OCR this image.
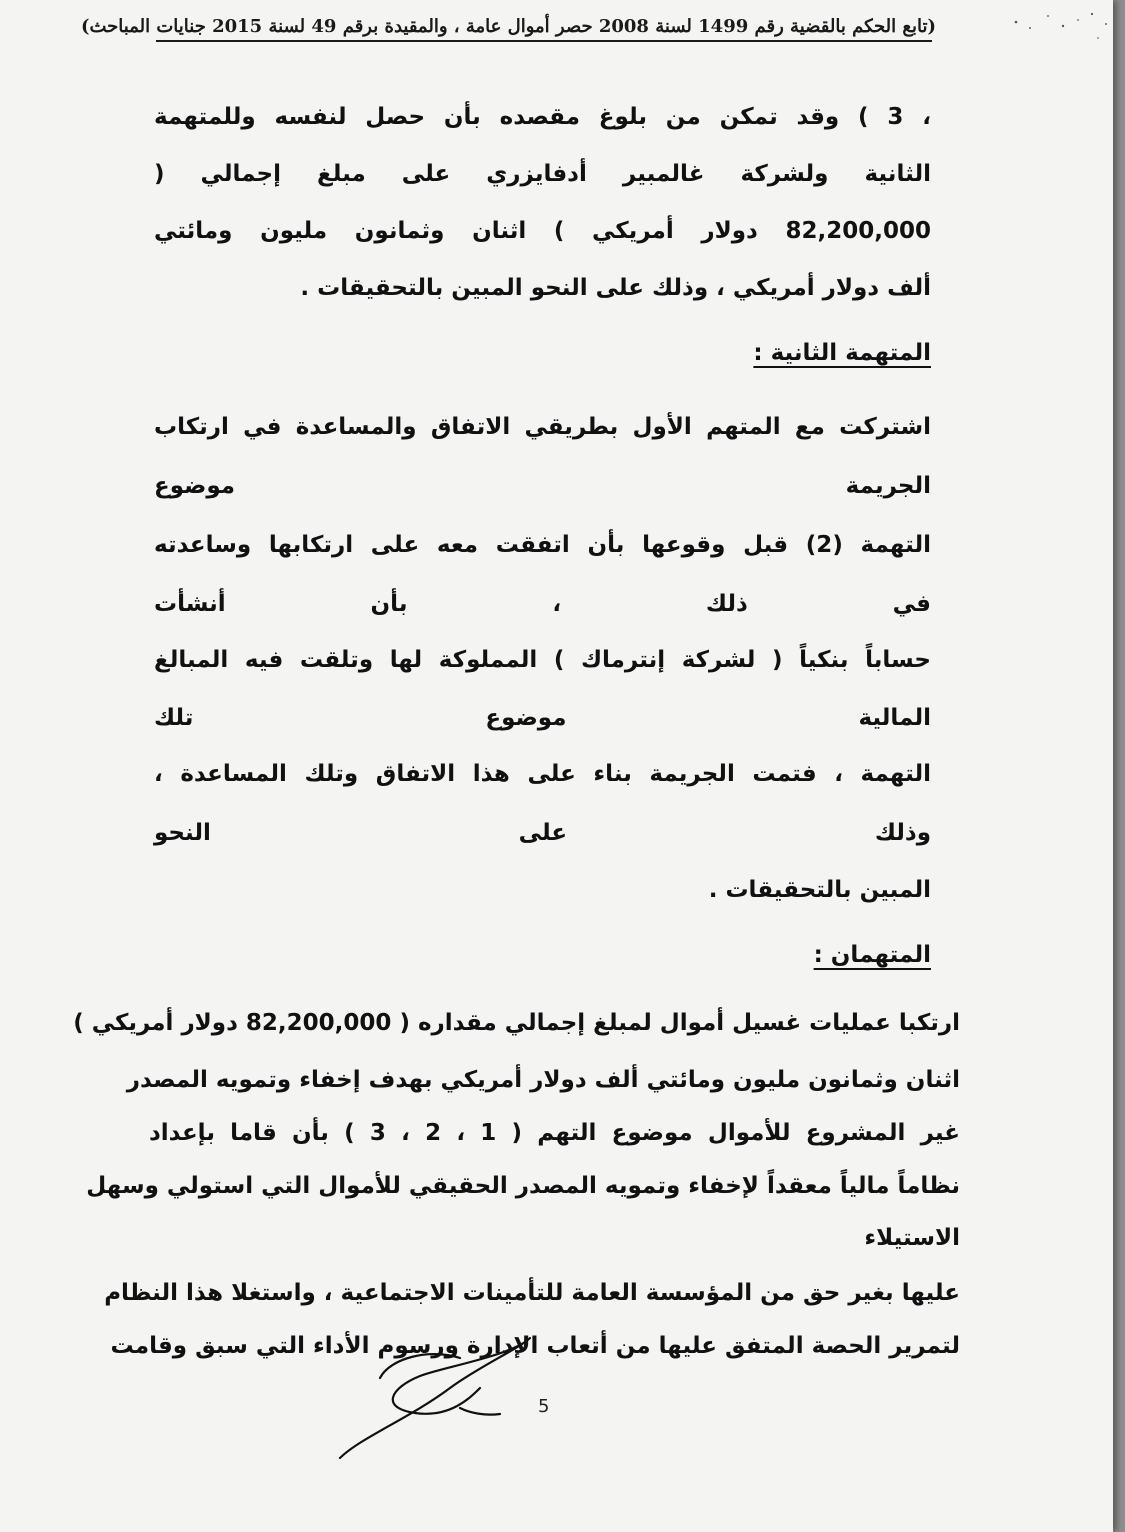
(تابع الحكم بالقضية رقم 1499 لسنة 2008 حصر أموال عامة ، والمقيدة برقم 49 لسنة 2015 جنايات المباحث)
، 3 ) وقد تمكن من بلوغ مقصده بأن حصل لنفسه وللمتهمة
الثانية ولشركة غالمبير أدفايزري على مبلغ إجمالي (
82,200,000 دولار أمريكي ) اثنان وثمانون مليون ومائتي
ألف دولار أمريكي ، وذلك على النحو المبين بالتحقيقات .
المتهمة الثانية :
اشتركت مع المتهم الأول بطريقي الاتفاق والمساعدة في ارتكاب
الجريمة موضوع
التهمة (2) قبل وقوعها بأن اتفقت معه على ارتكابها وساعدته
في ذلك ، بأن أنشأت
حساباً بنكياً ( لشركة إنترماك ) المملوكة لها وتلقت فيه المبالغ
المالية موضوع تلك
التهمة ، فتمت الجريمة بناء على هذا الاتفاق وتلك المساعدة ،
وذلك على النحو
المبين بالتحقيقات .
المتهمان :
ارتكبا عمليات غسيل أموال لمبلغ إجمالي مقداره ( 82,200,000 دولار أمريكي )
اثنان وثمانون مليون ومائتي ألف دولار أمريكي بهدف إخفاء وتمويه المصدر
غير المشروع للأموال موضوع التهم ( 1 ، 2 ، 3 ) بأن قاما بإعداد
نظاماً مالياً معقداً لإخفاء وتمويه المصدر الحقيقي للأموال التي استولي وسهل
الاستيلاء
عليها بغير حق من المؤسسة العامة للتأمينات الاجتماعية ، واستغلا هذا النظام
لتمرير الحصة المتفق عليها من أتعاب الإدارة ورسوم الأداء التي سبق وقامت
5
